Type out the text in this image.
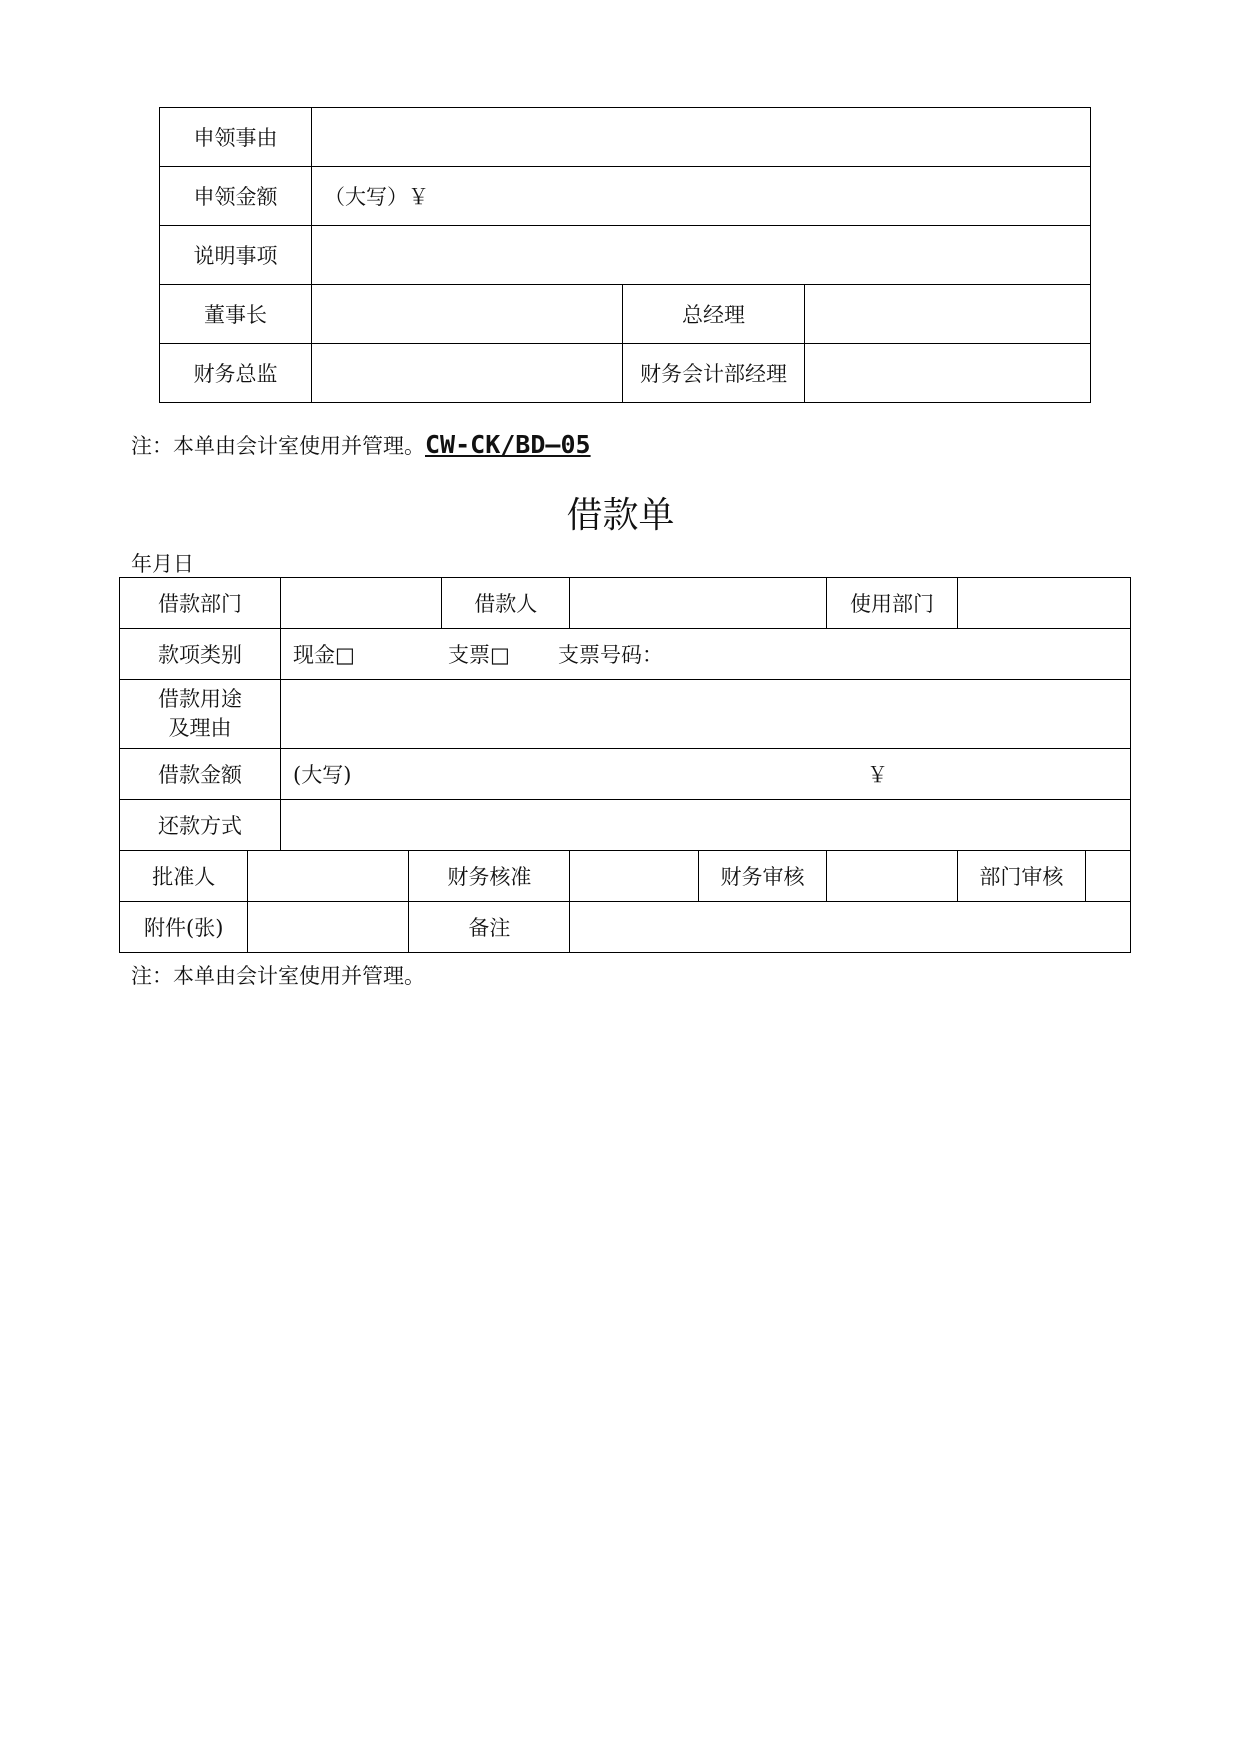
申领事由			
申领金额	（大写）￥		
说明事项			
董事长		总经理	
财务总监		财务会计部经理	
注：本单由会计室使用并管理。CW-CK/BD—05
借款单
年月日
借款部门				借款人			使用部门		
款项类别		现金□ 支票□ 支票号码：							
借款用途
及理由									
借款金额		(大写) ￥							
还款方式									
批准人			财务核准			财务审核		部门审核	
附件(张)			备注						
注：本单由会计室使用并管理。
